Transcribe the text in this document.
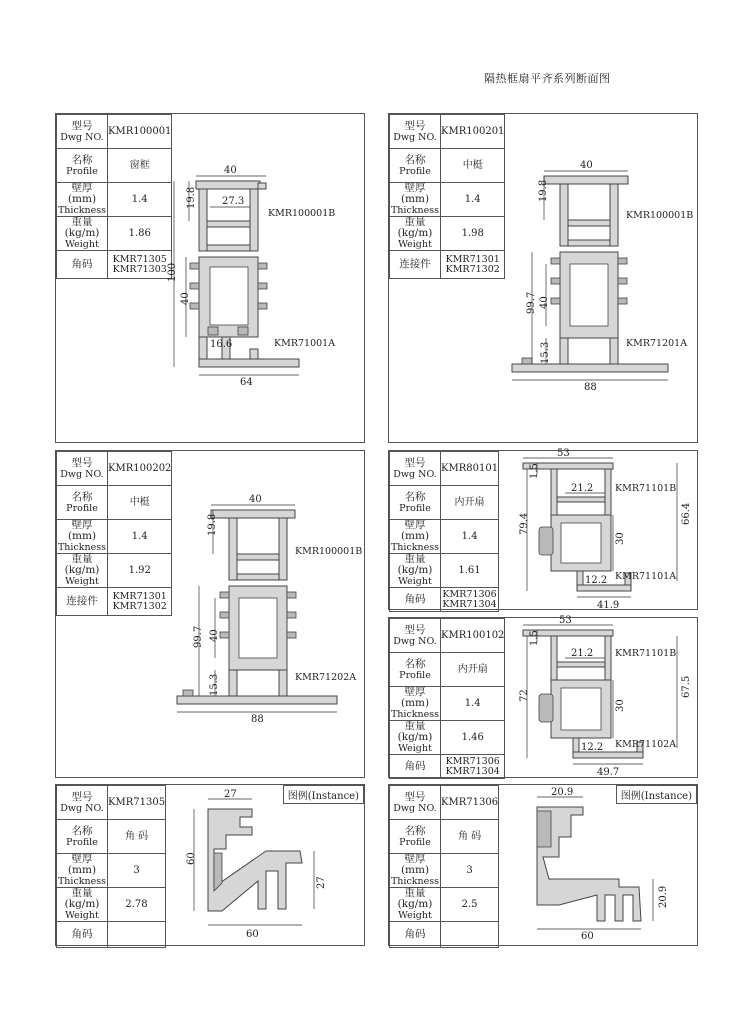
隔热框扇平齐系列断面图
型号
Dwg NO.	KMR100001

名称
Profile	窗框

壁厚 (mm)
Thickness	1.4

重量 (kg/m)
Weight	1.86

角码	KMR71305
KMR71303
40
27.3
19.8
100
40
16.6
64
KMR100001B
KMR71001A
型号
Dwg NO.	KMR100201

名称
Profile	中梃

壁厚 (mm)
Thickness	1.4

重量 (kg/m)
Weight	1.98

连接件	KMR71301
KMR71302
40
19.8
99.7 40
15.3
88
KMR100001B
KMR71201A
型号
Dwg NO.	KMR100202

名称
Profile	中梃

壁厚 (mm)
Thickness	1.4

重量 (kg/m)
Weight	1.92

连接件	KMR71301
KMR71302
40
19.8
99.7 40
15.3
88
KMR100001B
KMR71202A
型号
Dwg NO.	KMR80101

名称
Profile	内开扇

壁厚 (mm)
Thickness	1.4

重量 (kg/m)
Weight	1.61

角码	KMR71306
KMR71304
53
1.5
21.2
79.4
30
66.4
12.2
41.9
KMR71101B
KMR71101A
型号
Dwg NO.	KMR100102

名称
Profile	内开扇

壁厚 (mm)
Thickness	1.4

重量 (kg/m)
Weight	1.46

角码	KMR71306
KMR71304
53
1.5
21.2
72
30
67.5
12.2
49.7
KMR71101B
KMR71102A
型号
Dwg NO.	KMR71305

名称
Profile	角 码

壁厚 (mm)
Thickness	3

重量 (kg/m)
Weight	2.78

角码	

图例(Instance)
27
60
27
60
型号
Dwg NO.	KMR71306

名称
Profile	角 码

壁厚 (mm)
Thickness	3

重量 (kg/m)
Weight	2.5

角码	

图例(Instance)
20.9
20.9
60
